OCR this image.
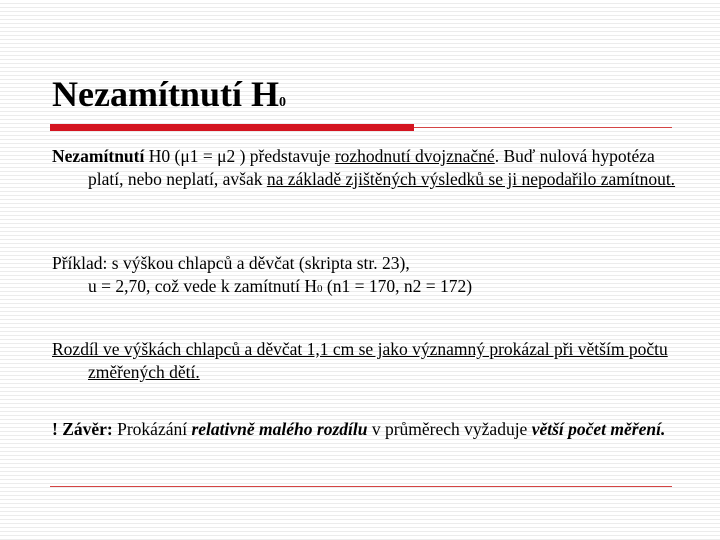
Nezamítnutí H0
Nezamítnutí H0 (μ1 = μ2 ) představuje rozhodnutí dvojznačné. Buď nulová hypotéza platí, nebo neplatí, avšak na základě zjištěných výsledků se ji nepodařilo zamítnout.
Příklad: s výškou chlapců a děvčat (skripta str. 23),
u = 2,70, což vede k zamítnutí H0 (n1 = 170, n2 = 172)
Rozdíl ve výškách chlapců a děvčat 1,1 cm se jako významný prokázal při větším počtu změřených dětí.
! Závěr: Prokázání relativně malého rozdílu v průměrech vyžaduje větší počet měření.
